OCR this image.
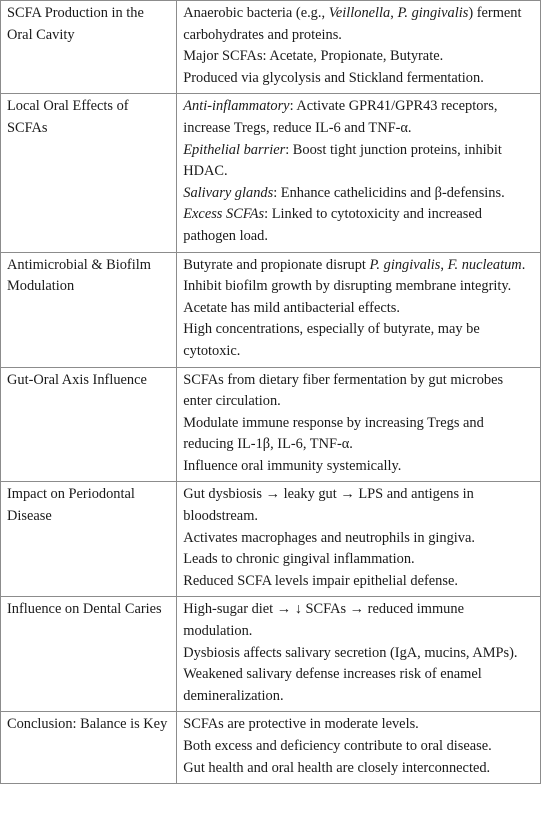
SCFA Production in the Oral Cavity	Anaerobic bacteria (e.g., Veillonella, P. gingivalis) ferment carbohydrates and proteins.
Major SCFAs: Acetate, Propionate, Butyrate.
Produced via glycolysis and Stickland fermentation.

Local Oral Effects of SCFAs	Anti-inflammatory: Activate GPR41/GPR43 receptors, increase Tregs, reduce IL-6 and TNF-α.
Epithelial barrier: Boost tight junction proteins, inhibit HDAC.
Salivary glands: Enhance cathelicidins and β-defensins.
Excess SCFAs: Linked to cytotoxicity and increased pathogen load.

Antimicrobial & Biofilm Modulation	Butyrate and propionate disrupt P. gingivalis, F. nucleatum.
Inhibit biofilm growth by disrupting membrane integrity.
Acetate has mild antibacterial effects.
High concentrations, especially of butyrate, may be cytotoxic.

Gut-Oral Axis Influence	SCFAs from dietary fiber fermentation by gut microbes enter circulation.
Modulate immune response by increasing Tregs and reducing IL-1β, IL-6, TNF-α.
Influence oral immunity systemically.

Impact on Periodontal Disease	Gut dysbiosis → leaky gut → LPS and antigens in bloodstream.
Activates macrophages and neutrophils in gingiva.
Leads to chronic gingival inflammation.
Reduced SCFA levels impair epithelial defense.

Influence on Dental Caries	High-sugar diet → ↓ SCFAs → reduced immune modulation.
Dysbiosis affects salivary secretion (IgA, mucins, AMPs).
Weakened salivary defense increases risk of enamel demineralization.

Conclusion: Balance is Key	SCFAs are protective in moderate levels.
Both excess and deficiency contribute to oral disease.
Gut health and oral health are closely interconnected.
